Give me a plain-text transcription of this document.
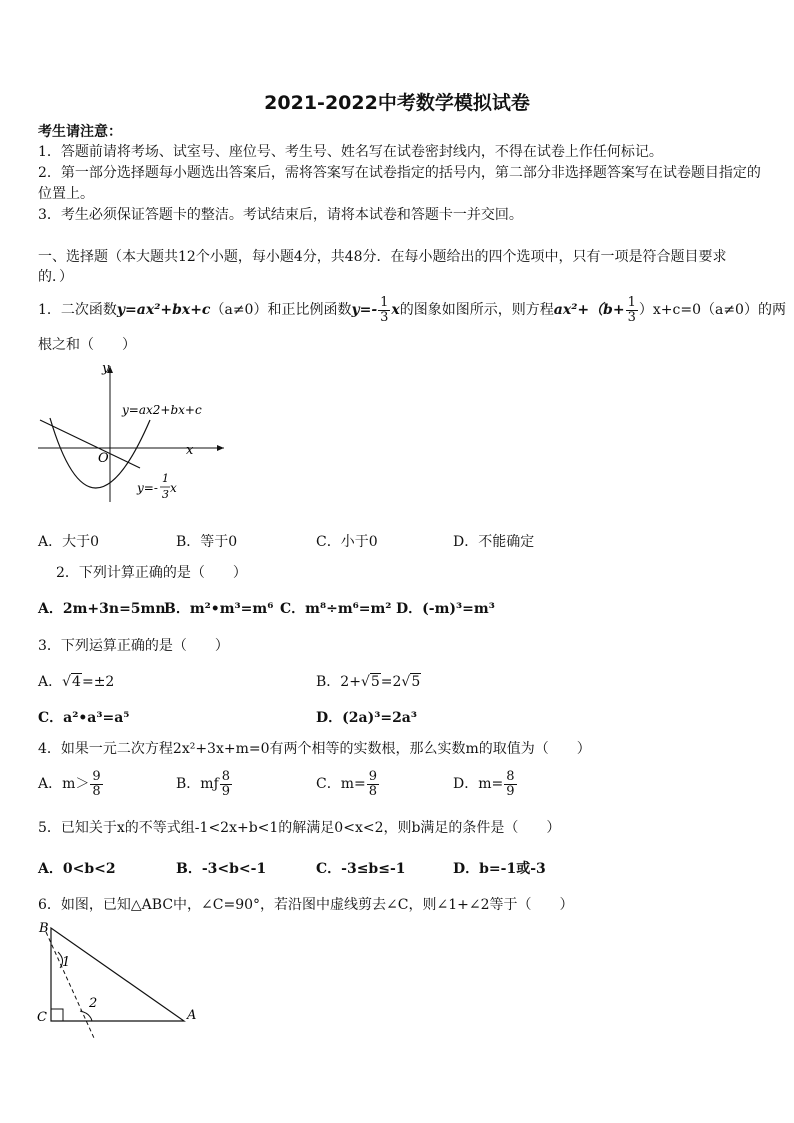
2021-2022中考数学模拟试卷
考生请注意：
1．答题前请将考场、试室号、座位号、考生号、姓名写在试卷密封线内，不得在试卷上作任何标记。
2．第一部分选择题每小题选出答案后，需将答案写在试卷指定的括号内，第二部分非选择题答案写在试卷题目指定的
位置上。
3．考生必须保证答题卡的整洁。考试结束后，请将本试卷和答题卡一并交回。
一、选择题（本大题共12个小题，每小题4分，共48分．在每小题给出的四个选项中，只有一项是符合题目要求
的．）
1．二次函数y=ax²+bx+c（a≠0）和正比例函数$y=- \frac{1}{3}$ x的图象如图所示，则方程$ax^2+(b+ \frac{1}{3} )x+c=0(a\ne 0)$的两
根之和（　　）
y
x
O
y=ax2+bx+c
y=-
1
3 x
A．大于0	B．等于0	C．小于0	D．不能确定
2．下列计算正确的是（　　）
A．2m+3n=5mn
B．m²•m³=m⁶ C．m⁸÷m⁶=m² D．(-m)³=m³
3．下列运算正确的是（　　）
A．√4=±2	B．2+√5=2√5
C．a²•a³=a⁵	D．(2a)³=2a³
4．如果一元二次方程2x²+3x+m=0有两个相等的实数根，那么实数m的取值为（　　）
A．$m> \frac{9}{8}$	B．mƒ $\frac{8}{9}$	C．$m= \frac{9}{8}$	D．$m= \frac{8}{9}$
5．已知关于x的不等式组-1<2x+b<1的解满足0<x<2，则b满足的条件是（　　）
A．0<b<2	B．-3<b<-1	C．-3≤b≤-1	D．b=-1或-3
6．如图，已知△ABC中，∠C=90°，若沿图中虚线剪去∠C，则∠1+∠2等于（　　）
B
C	A
1
2
